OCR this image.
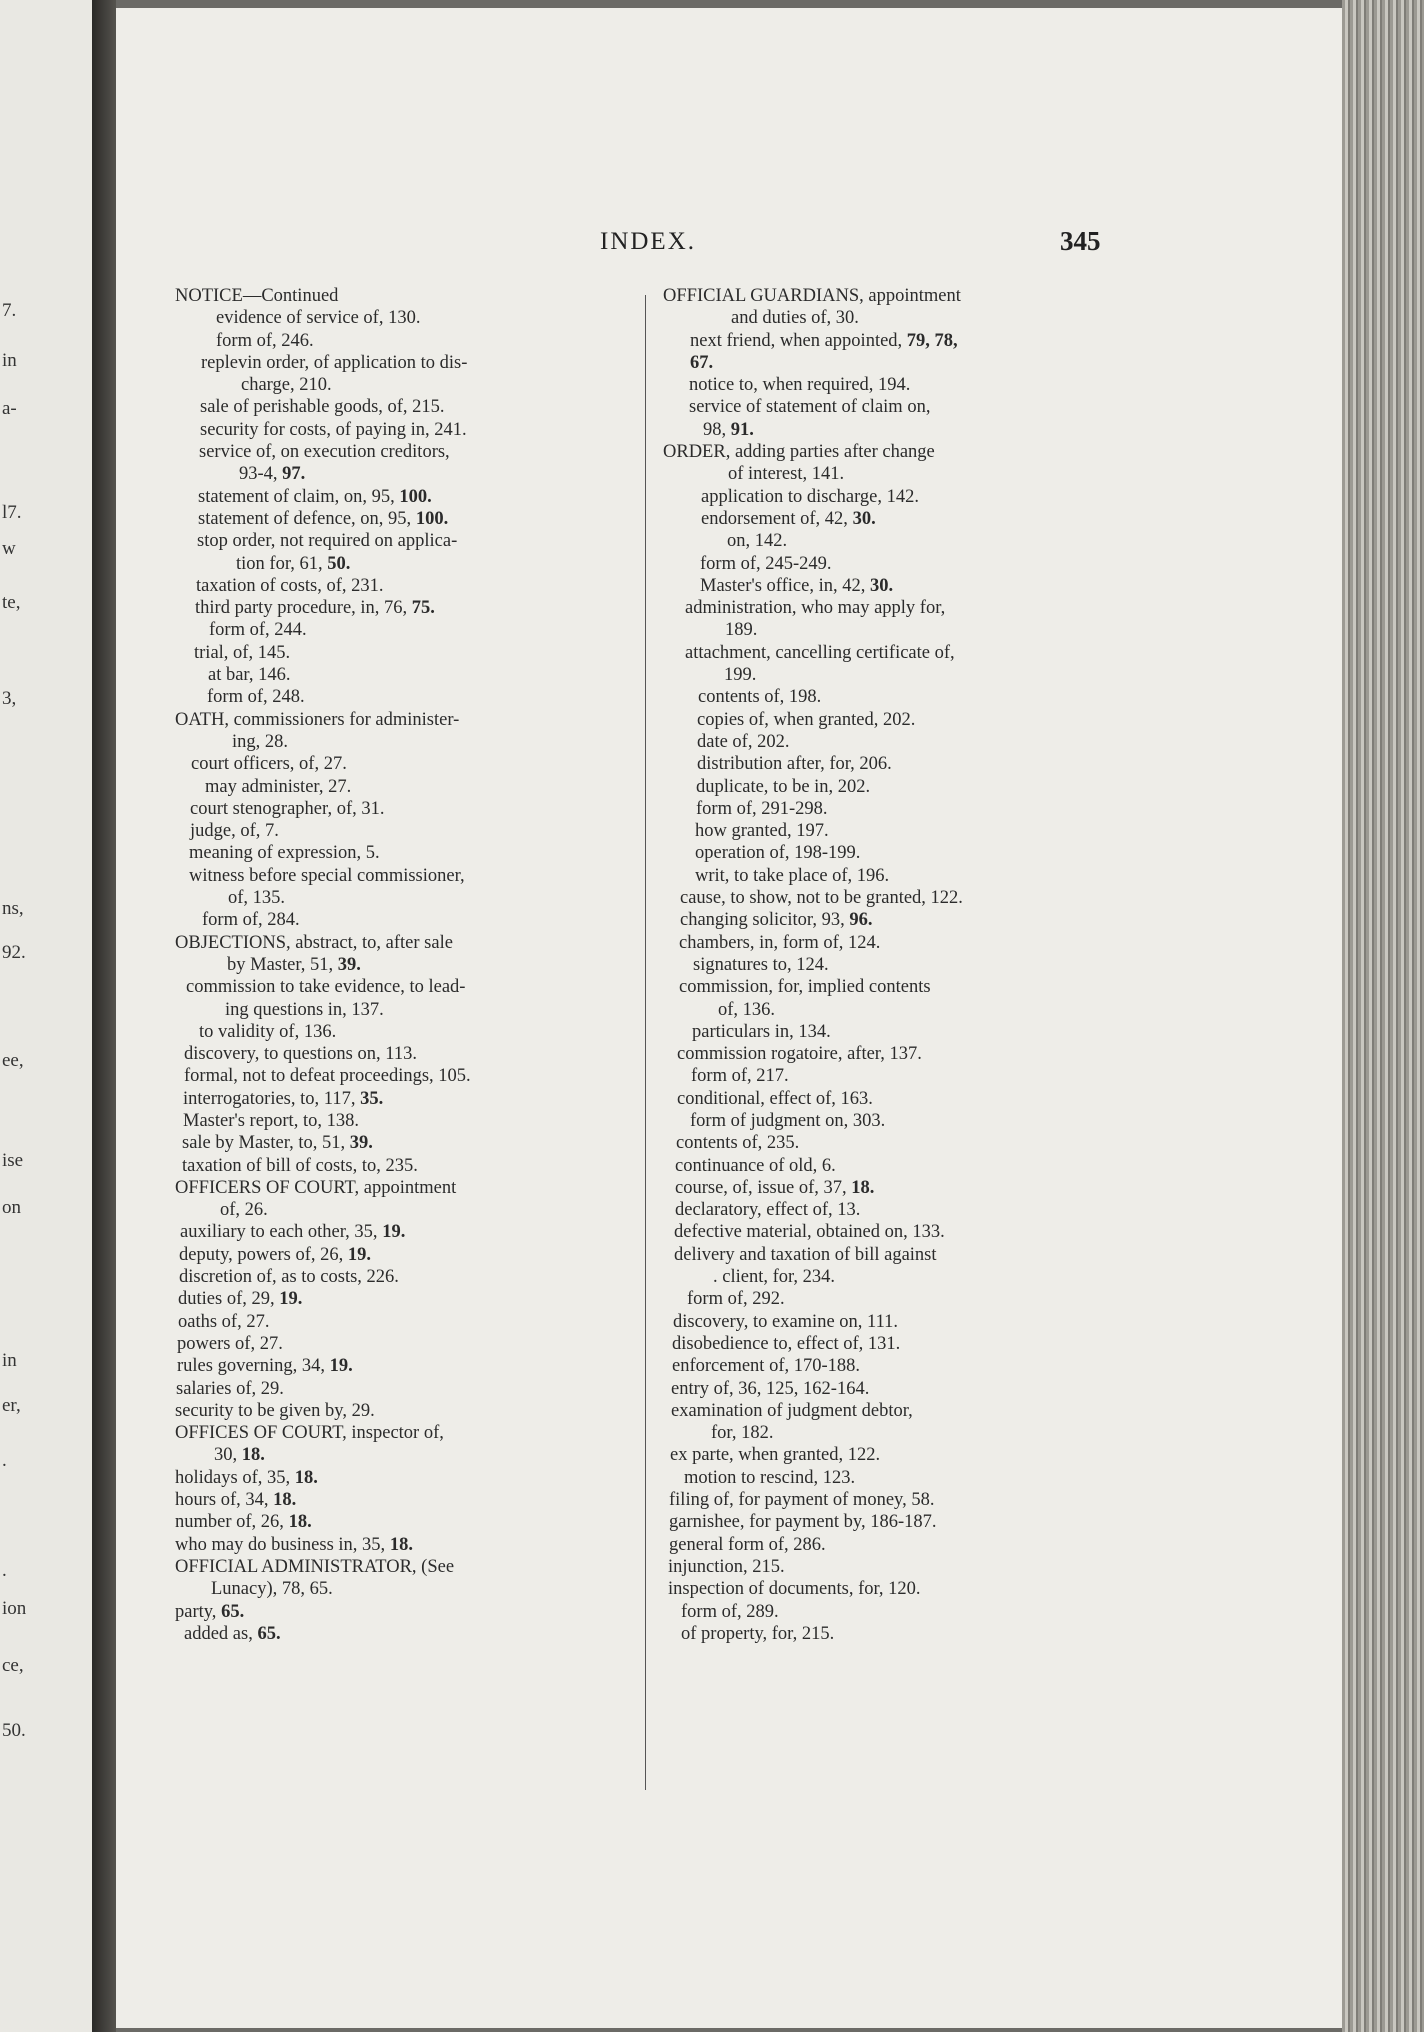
7.
in
a-
l7.
w
te,
3,
ns,
92.
ee,
ise
on
in
er,
.
.
ion
ce,
50.
INDEX.	345
NOTICE—Continued
evidence of service of, 130.
form of, 246.
replevin order, of application to dis-
charge, 210.
sale of perishable goods, of, 215.
security for costs, of paying in, 241.
service of, on execution creditors,
93-4, 97.
statement of claim, on, 95, 100.
statement of defence, on, 95, 100.
stop order, not required on applica-
tion for, 61, 50.
taxation of costs, of, 231.
third party procedure, in, 76, 75.
form of, 244.
trial, of, 145.
at bar, 146.
form of, 248.
OATH, commissioners for administer-
ing, 28.
court officers, of, 27.
may administer, 27.
court stenographer, of, 31.
judge, of, 7.
meaning of expression, 5.
witness before special commissioner,
of, 135.
form of, 284.
OBJECTIONS, abstract, to, after sale
by Master, 51, 39.
commission to take evidence, to lead-
ing questions in, 137.
to validity of, 136.
discovery, to questions on, 113.
formal, not to defeat proceedings, 105.
interrogatories, to, 117, 35.
Master's report, to, 138.
sale by Master, to, 51, 39.
taxation of bill of costs, to, 235.
OFFICERS OF COURT, appointment
of, 26.
auxiliary to each other, 35, 19.
deputy, powers of, 26, 19.
discretion of, as to costs, 226.
duties of, 29, 19.
oaths of, 27.
powers of, 27.
rules governing, 34, 19.
salaries of, 29.
security to be given by, 29.
OFFICES OF COURT, inspector of,
30, 18.
holidays of, 35, 18.
hours of, 34, 18.
number of, 26, 18.
who may do business in, 35, 18.
OFFICIAL ADMINISTRATOR, (See
Lunacy), 78, 65.
party, 65.
added as, 65.
OFFICIAL GUARDIANS, appointment
and duties of, 30.
next friend, when appointed, 79, 78,
67.
notice to, when required, 194.
service of statement of claim on,
98, 91.
ORDER, adding parties after change
of interest, 141.
application to discharge, 142.
endorsement of, 42, 30.
on, 142.
form of, 245-249.
Master's office, in, 42, 30.
administration, who may apply for,
189.
attachment, cancelling certificate of,
199.
contents of, 198.
copies of, when granted, 202.
date of, 202.
distribution after, for, 206.
duplicate, to be in, 202.
form of, 291-298.
how granted, 197.
operation of, 198-199.
writ, to take place of, 196.
cause, to show, not to be granted, 122.
changing solicitor, 93, 96.
chambers, in, form of, 124.
signatures to, 124.
commission, for, implied contents
of, 136.
particulars in, 134.
commission rogatoire, after, 137.
form of, 217.
conditional, effect of, 163.
form of judgment on, 303.
contents of, 235.
continuance of old, 6.
course, of, issue of, 37, 18.
declaratory, effect of, 13.
defective material, obtained on, 133.
delivery and taxation of bill against
. client, for, 234.
form of, 292.
discovery, to examine on, 111.
disobedience to, effect of, 131.
enforcement of, 170-188.
entry of, 36, 125, 162-164.
examination of judgment debtor,
for, 182.
ex parte, when granted, 122.
motion to rescind, 123.
filing of, for payment of money, 58.
garnishee, for payment by, 186-187.
general form of, 286.
injunction, 215.
inspection of documents, for, 120.
form of, 289.
of property, for, 215.
